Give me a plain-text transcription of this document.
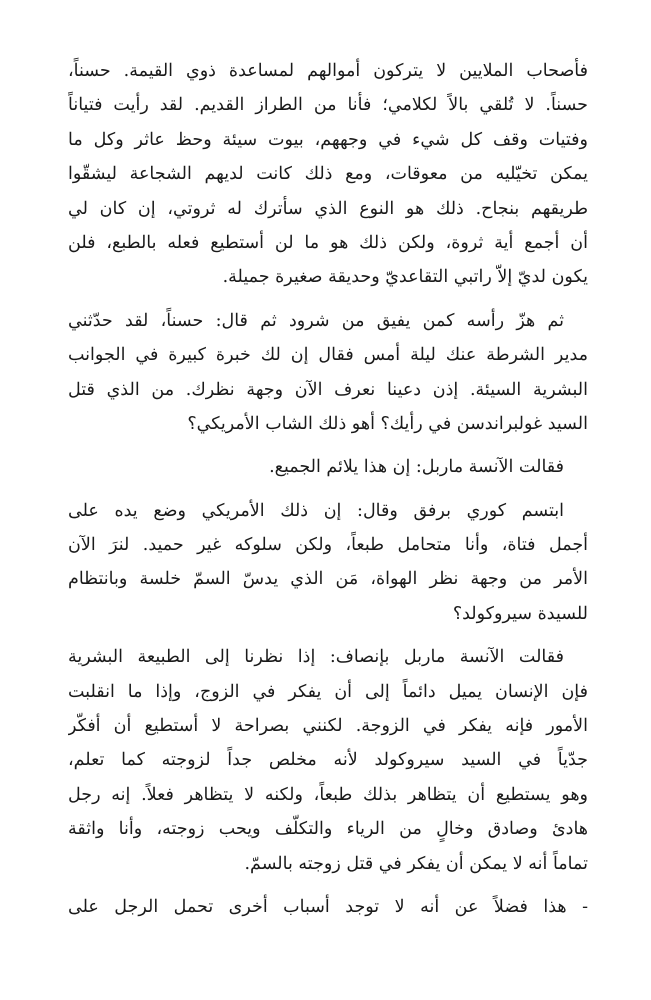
فأصحاب الملايين لا يتركون أموالهم لمساعدة ذوي القيمة. حسناً،
حسناً. لا تُلقي بالاً لكلامي؛ فأنا من الطراز القديم. لقد رأيت فتياناً
وفتيات وقف كل شيء في وجههم، بيوت سيئة وحظ عاثر وكل ما
يمكن تخيّليه من معوقات، ومع ذلك كانت لديهم الشجاعة ليشقّوا
طريقهم بنجاح. ذلك هو النوع الذي سأترك له ثروتي، إن كان لي
أن أجمع أية ثروة، ولكن ذلك هو ما لن أستطيع فعله بالطبع، فلن
يكون لديّ إلاّ راتبي التقاعديّ وحديقة صغيرة جميلة.
ثم هزّ رأسه كمن يفيق من شرود ثم قال: حسناً، لقد حدّثني
مدير الشرطة عنك ليلة أمس فقال إن لك خبرة كبيرة في الجوانب
البشرية السيئة. إذن دعينا نعرف الآن وجهة نظرك. من الذي قتل
السيد غولبراندسن في رأيك؟ أهو ذلك الشاب الأمريكي؟
فقالت الآنسة ماربل: إن هذا يلائم الجميع.
ابتسم كوري برفق وقال: إن ذلك الأمريكي وضع يده على
أجمل فتاة، وأنا متحامل طبعاً، ولكن سلوكه غير حميد. لنرَ الآن
الأمر من وجهة نظر الهواة، مَن الذي يدسّ السمّ خلسة وبانتظام
للسيدة سيروكولد؟
فقالت الآنسة ماربل بإنصاف: إذا نظرنا إلى الطبيعة البشرية
فإن الإنسان يميل دائماً إلى أن يفكر في الزوج، وإذا ما انقلبت
الأمور فإنه يفكر في الزوجة. لكنني بصراحة لا أستطيع أن أفكّر
جدّياً في السيد سيروكولد لأنه مخلص جداً لزوجته كما تعلم،
وهو يستطيع أن يتظاهر بذلك طبعاً، ولكنه لا يتظاهر فعلاً. إنه رجل
هادئ وصادق وخالٍ من الرياء والتكلّف ويحب زوجته، وأنا واثقة
تماماً أنه لا يمكن أن يفكر في قتل زوجته بالسمّ.
- هذا فضلاً عن أنه لا توجد أسباب أخرى تحمل الرجل على
